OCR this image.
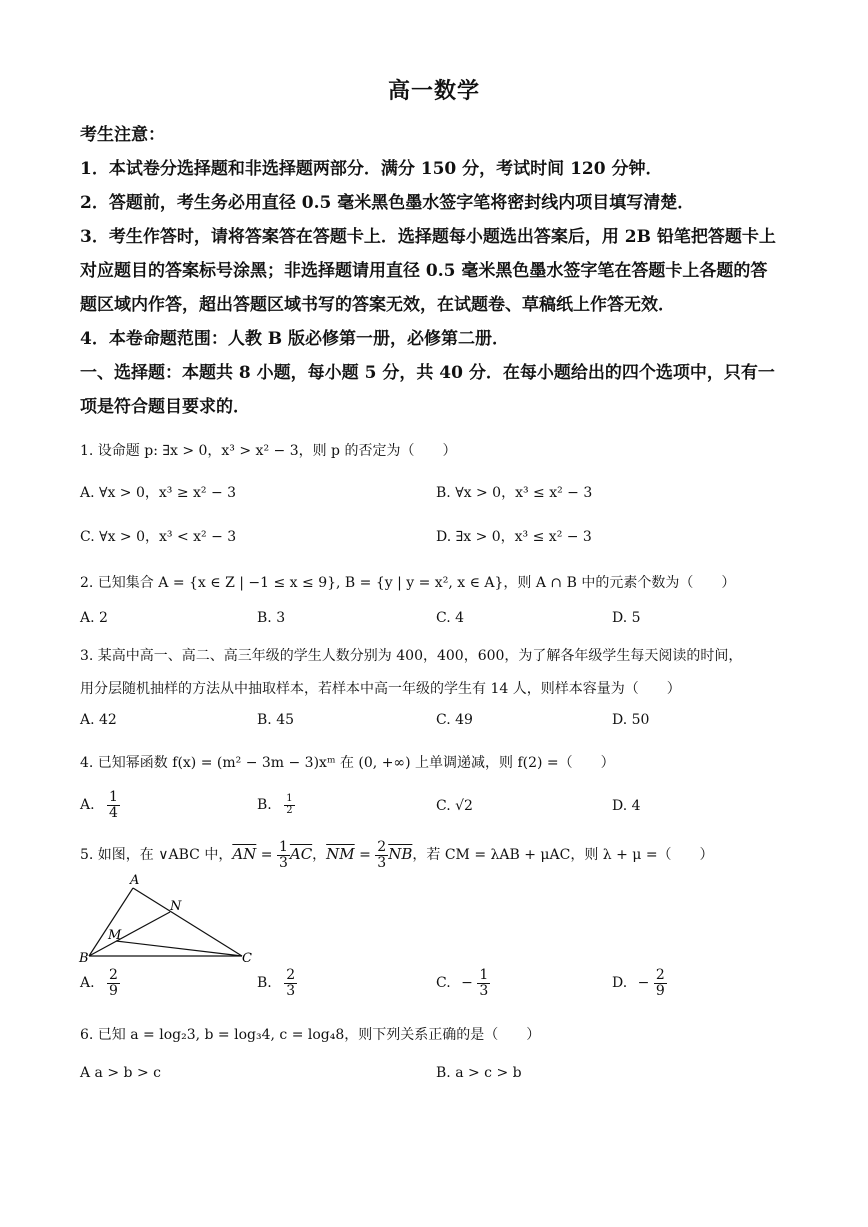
高一数学
考生注意：
1．本试卷分选择题和非选择题两部分．满分 150 分，考试时间 120 分钟．
2．答题前，考生务必用直径 0.5 毫米黑色墨水签字笔将密封线内项目填写清楚．
3．考生作答时，请将答案答在答题卡上．选择题每小题选出答案后，用 2B 铅笔把答题卡上
对应题目的答案标号涂黑；非选择题请用直径 0.5 毫米黑色墨水签字笔在答题卡上各题的答
题区域内作答，超出答题区域书写的答案无效，在试题卷、草稿纸上作答无效．
4．本卷命题范围：人教 B 版必修第一册，必修第二册．
一、选择题：本题共 8 小题，每小题 5 分，共 40 分．在每小题给出的四个选项中，只有一
项是符合题目要求的．
1. 设命题 p: ∃x > 0，x³ > x² − 3，则 p 的否定为（　　）
A. ∀x > 0，x³ ≥ x² − 3	B. ∀x > 0，x³ ≤ x² − 3
C. ∀x > 0，x³ < x² − 3	D. ∃x > 0，x³ ≤ x² − 3
2. 已知集合 A = {x ∈ Z | −1 ≤ x ≤ 9}, B = {y | y = x², x ∈ A}，则 A ∩ B 中的元素个数为（　　）
A. 2	B. 3	C. 4	D. 5
3. 某高中高一、高二、高三年级的学生人数分别为 400，400，600，为了解各年级学生每天阅读的时间，
用分层随机抽样的方法从中抽取样本，若样本中高一年级的学生有 14 人，则样本容量为（　　）
A. 42	B. 45	C. 49	D. 50
4. 已知幂函数 f(x) = (m² − 3m − 3)xᵐ 在 (0, +∞) 上单调递减，则 f(2) =（　　）
A. $\frac{1}{4}$	B. $\frac{1}{2}$	C. √2	D. 4
5. 如图，在 ∨ABC 中，$\overline{AN} = \frac{1}{3} \overline{AC}$，$\overline{NM} = \frac{2}{3} \overline{NB}$，若 CM = λAB + μAC，则 λ + μ =（　　）
A
B	C
M
N
A. $\frac{2}{9}$	B. $\frac{2}{3}$	C. − $\frac{1}{3}$	D. − $\frac{2}{9}$
6. 已知 a = log₂3, b = log₃4, c = log₄8，则下列关系正确的是（　　）
A a > b > c	B. a > c > b
